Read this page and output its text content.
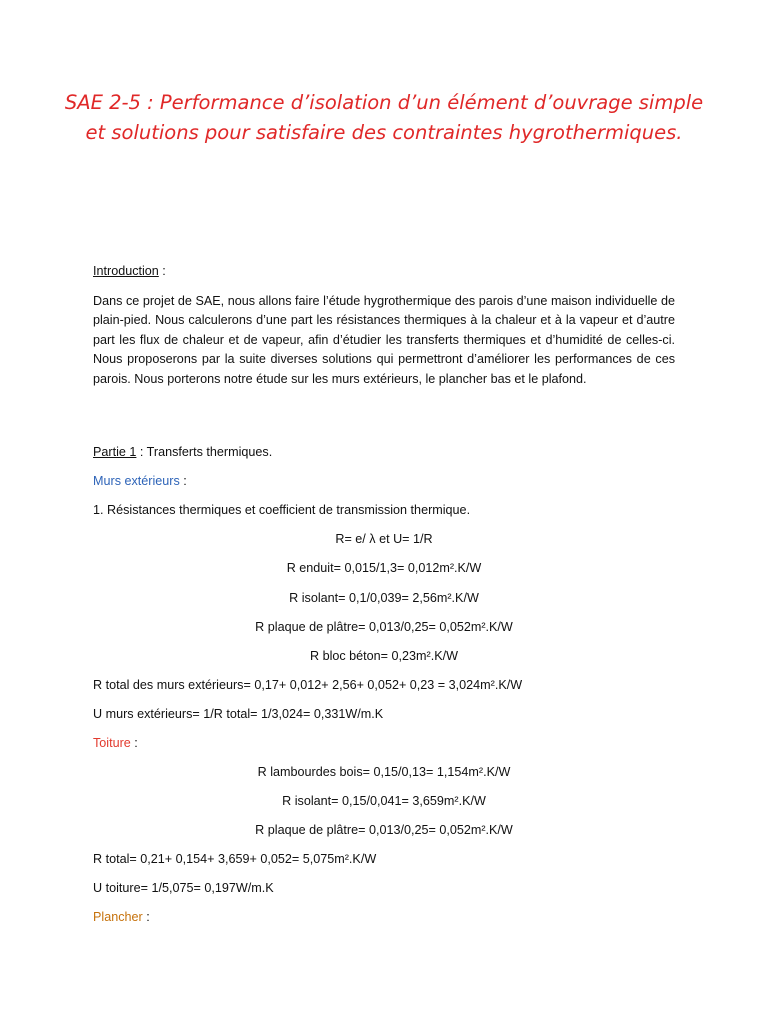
SAE 2-5 : Performance d’isolation d’un élément d’ouvrage simple et solutions pour satisfaire des contraintes hygrothermiques.

Introduction :

Dans ce projet de SAE, nous allons faire l’étude hygrothermique des parois d’une maison individuelle de plain-pied. Nous calculerons d’une part les résistances thermiques à la chaleur et à la vapeur et d’autre part les flux de chaleur et de vapeur, afin d’étudier les transferts thermiques et d’humidité de celles-ci. Nous proposerons par la suite diverses solutions qui permettront d’améliorer les performances de ces parois. Nous porterons notre étude sur les murs extérieurs, le plancher bas et le plafond.

Partie 1 : Transferts thermiques.

Murs extérieurs :

1. Résistances thermiques et coefficient de transmission thermique.

R= e/ λ et U= 1/R

R enduit= 0,015/1,3= 0,012m².K/W

R isolant= 0,1/0,039= 2,56m².K/W

R plaque de plâtre= 0,013/0,25= 0,052m².K/W

R bloc béton= 0,23m².K/W

R total des murs extérieurs= 0,17+ 0,012+ 2,56+ 0,052+ 0,23 = 3,024m².K/W

U murs extérieurs= 1/R total= 1/3,024= 0,331W/m.K

Toiture :

R lambourdes bois= 0,15/0,13= 1,154m².K/W

R isolant= 0,15/0,041= 3,659m².K/W

R plaque de plâtre= 0,013/0,25= 0,052m².K/W

R total= 0,21+ 0,154+ 3,659+ 0,052= 5,075m².K/W

U toiture= 1/5,075= 0,197W/m.K

Plancher :
